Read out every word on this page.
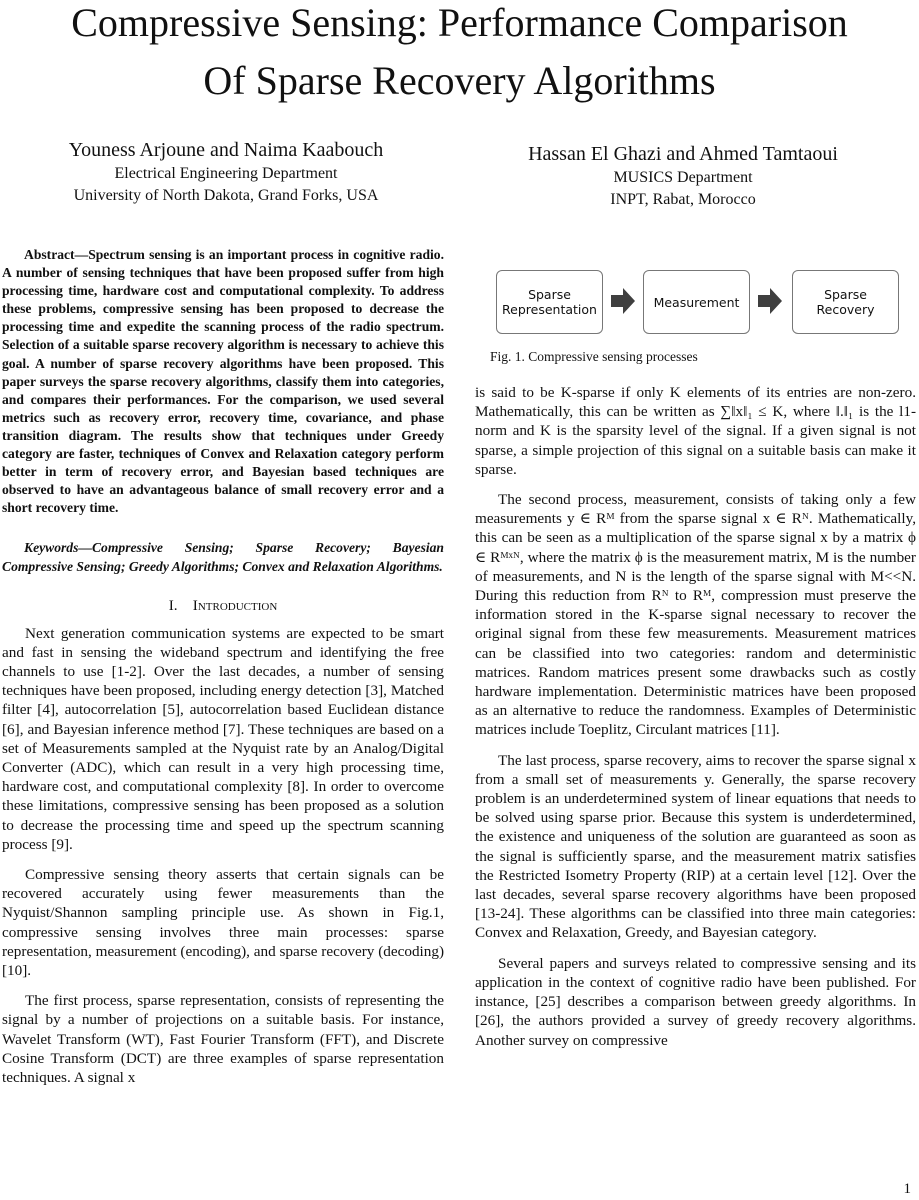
Compressive Sensing: Performance Comparison
Of Sparse Recovery Algorithms
Youness Arjoune and Naima Kaabouch
Electrical Engineering Department
University of North Dakota, Grand Forks, USA
Hassan El Ghazi and Ahmed Tamtaoui
MUSICS Department
INPT, Rabat, Morocco

Abstract—Spectrum sensing is an important process in cognitive radio. A number of sensing techniques that have been proposed suffer from high processing time, hardware cost and computational complexity. To address these problems, compressive sensing has been proposed to decrease the processing time and expedite the scanning process of the radio spectrum. Selection of a suitable sparse recovery algorithm is necessary to achieve this goal. A number of sparse recovery algorithms have been proposed. This paper surveys the sparse recovery algorithms, classify them into categories, and compares their performances. For the comparison, we used several metrics such as recovery error, recovery time, covariance, and phase transition diagram. The results show that techniques under Greedy category are faster, techniques of Convex and Relaxation category perform better in term of recovery error, and Bayesian based techniques are observed to have an advantageous balance of small recovery error and a short recovery time.

Keywords—Compressive Sensing; Sparse Recovery; Bayesian Compressive Sensing; Greedy Algorithms; Convex and Relaxation Algorithms.

I. Introduction

Next generation communication systems are expected to be smart and fast in sensing the wideband spectrum and identifying the free channels to use [1-2]. Over the last decades, a number of sensing techniques have been proposed, including energy detection [3], Matched filter [4], autocorrelation [5], autocorrelation based Euclidean distance [6], and Bayesian inference method [7]. These techniques are based on a set of Measurements sampled at the Nyquist rate by an Analog/Digital Converter (ADC), which can result in a very high processing time, hardware cost, and computational complexity [8]. In order to overcome these limitations, compressive sensing has been proposed as a solution to decrease the processing time and speed up the spectrum scanning process [9].

Compressive sensing theory asserts that certain signals can be recovered accurately using fewer measurements than the Nyquist/Shannon sampling principle use. As shown in Fig.1, compressive sensing involves three main processes: sparse representation, measurement (encoding), and sparse recovery (decoding) [10].

The first process, sparse representation, consists of representing the signal by a number of projections on a suitable basis. For instance, Wavelet Transform (WT), Fast Fourier Transform (FFT), and Discrete Cosine Transform (DCT) are three examples of sparse representation techniques. A signal x

Sparse
Representation	Measurement	Sparse
Recovery
Fig. 1. Compressive sensing processes

is said to be K-sparse if only K elements of its entries are non-zero. Mathematically, this can be written as ∑‖x‖₁ ≤ K, where ‖.‖₁ is the l1-norm and K is the sparsity level of the signal. If a given signal is not sparse, a simple projection of this signal on a suitable basis can make it sparse.

The second process, measurement, consists of taking only a few measurements y ∈ Rᴹ from the sparse signal x ∈ Rᴺ. Mathematically, this can be seen as a multiplication of the sparse signal x by a matrix ϕ ∈ Rᴹˣᴺ, where the matrix ϕ is the measurement matrix, M is the number of measurements, and N is the length of the sparse signal with M<<N. During this reduction from Rᴺ to Rᴹ, compression must preserve the information stored in the K-sparse signal necessary to recover the original signal from these few measurements. Measurement matrices can be classified into two categories: random and deterministic matrices. Random matrices present some drawbacks such as costly hardware implementation. Deterministic matrices have been proposed as an alternative to reduce the randomness. Examples of Deterministic matrices include Toeplitz, Circulant matrices [11].

The last process, sparse recovery, aims to recover the sparse signal x from a small set of measurements y. Generally, the sparse recovery problem is an underdetermined system of linear equations that needs to be solved using sparse prior. Because this system is underdetermined, the existence and uniqueness of the solution are guaranteed as soon as the signal is sufficiently sparse, and the measurement matrix satisfies the Restricted Isometry Property (RIP) at a certain level [12]. Over the last decades, several sparse recovery algorithms have been proposed [13-24]. These algorithms can be classified into three main categories: Convex and Relaxation, Greedy, and Bayesian category.

Several papers and surveys related to compressive sensing and its application in the context of cognitive radio have been published. For instance, [25] describes a comparison between greedy algorithms. In [26], the authors provided a survey of greedy recovery algorithms. Another survey on compressive

1
